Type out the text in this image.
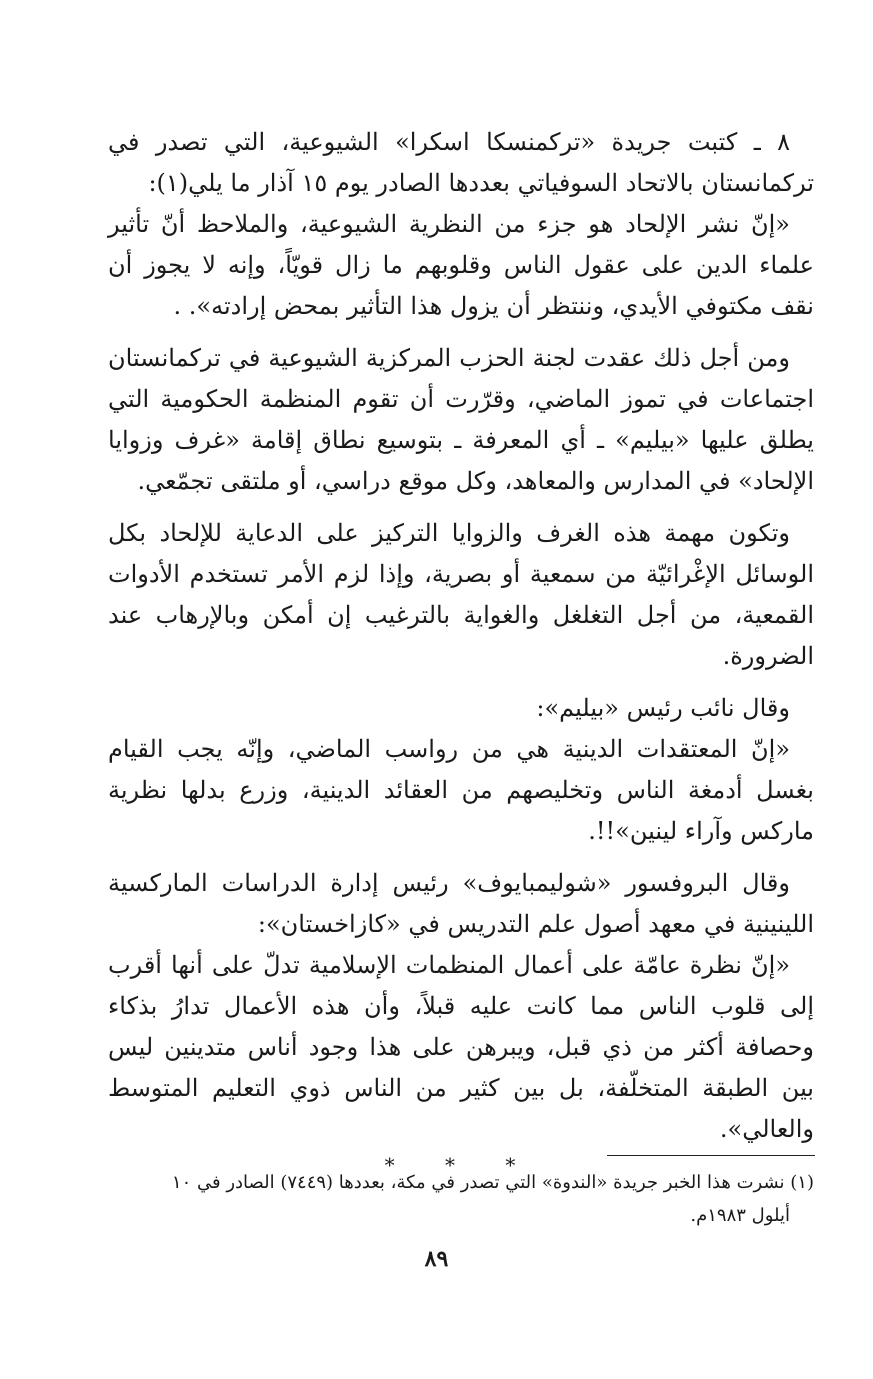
٨ ـ كتبت جريدة «تركمنسكا اسكرا» الشيوعية، التي تصدر في تركمانستان بالاتحاد السوفياتي بعددها الصادر يوم ١٥ آذار ما يلي(١):

«إنّ نشر الإلحاد هو جزء من النظرية الشيوعية، والملاحظ أنّ تأثير علماء الدين على عقول الناس وقلوبهم ما زال قويّاً، وإنه لا يجوز أن نقف مكتوفي الأيدي، وننتظر أن يزول هذا التأثير بمحض إرادته». .

ومن أجل ذلك عقدت لجنة الحزب المركزية الشيوعية في تركمانستان اجتماعات في تموز الماضي، وقرّرت أن تقوم المنظمة الحكومية التي يطلق عليها «بيليم» ـ أي المعرفة ـ بتوسيع نطاق إقامة «غرف وزوايا الإلحاد» في المدارس والمعاهد، وكل موقع دراسي، أو ملتقى تجمّعي.

وتكون مهمة هذه الغرف والزوايا التركيز على الدعاية للإلحاد بكل الوسائل الإغْرائيّة من سمعية أو بصرية، وإذا لزم الأمر تستخدم الأدوات القمعية، من أجل التغلغل والغواية بالترغيب إن أمكن وبالإرهاب عند الضرورة.

وقال نائب رئيس «بيليم»:

«إنّ المعتقدات الدينية هي من رواسب الماضي، وإنّه يجب القيام بغسل أدمغة الناس وتخليصهم من العقائد الدينية، وزرع بدلها نظرية ماركس وآراء لينين»!!.

وقال البروفسور «شوليمبايوف» رئيس إدارة الدراسات الماركسية اللينينية في معهد أصول علم التدريس في «كازاخستان»:

«إنّ نظرة عامّة على أعمال المنظمات الإسلامية تدلّ على أنها أقرب إلى قلوب الناس مما كانت عليه قبلاً، وأن هذه الأعمال تدارُ بذكاء وحصافة أكثر من ذي قبل، ويبرهن على هذا وجود أناس متدينين ليس بين الطبقة المتخلّفة، بل بين كثير من الناس ذوي التعليم المتوسط والعالي».

* * *
(١) نشرت هذا الخبر جريدة «الندوة» التي تصدر في مكة، بعددها (٧٤٤٩) الصادر في ١٠
أيلول ١٩٨٣م.
٨٩
